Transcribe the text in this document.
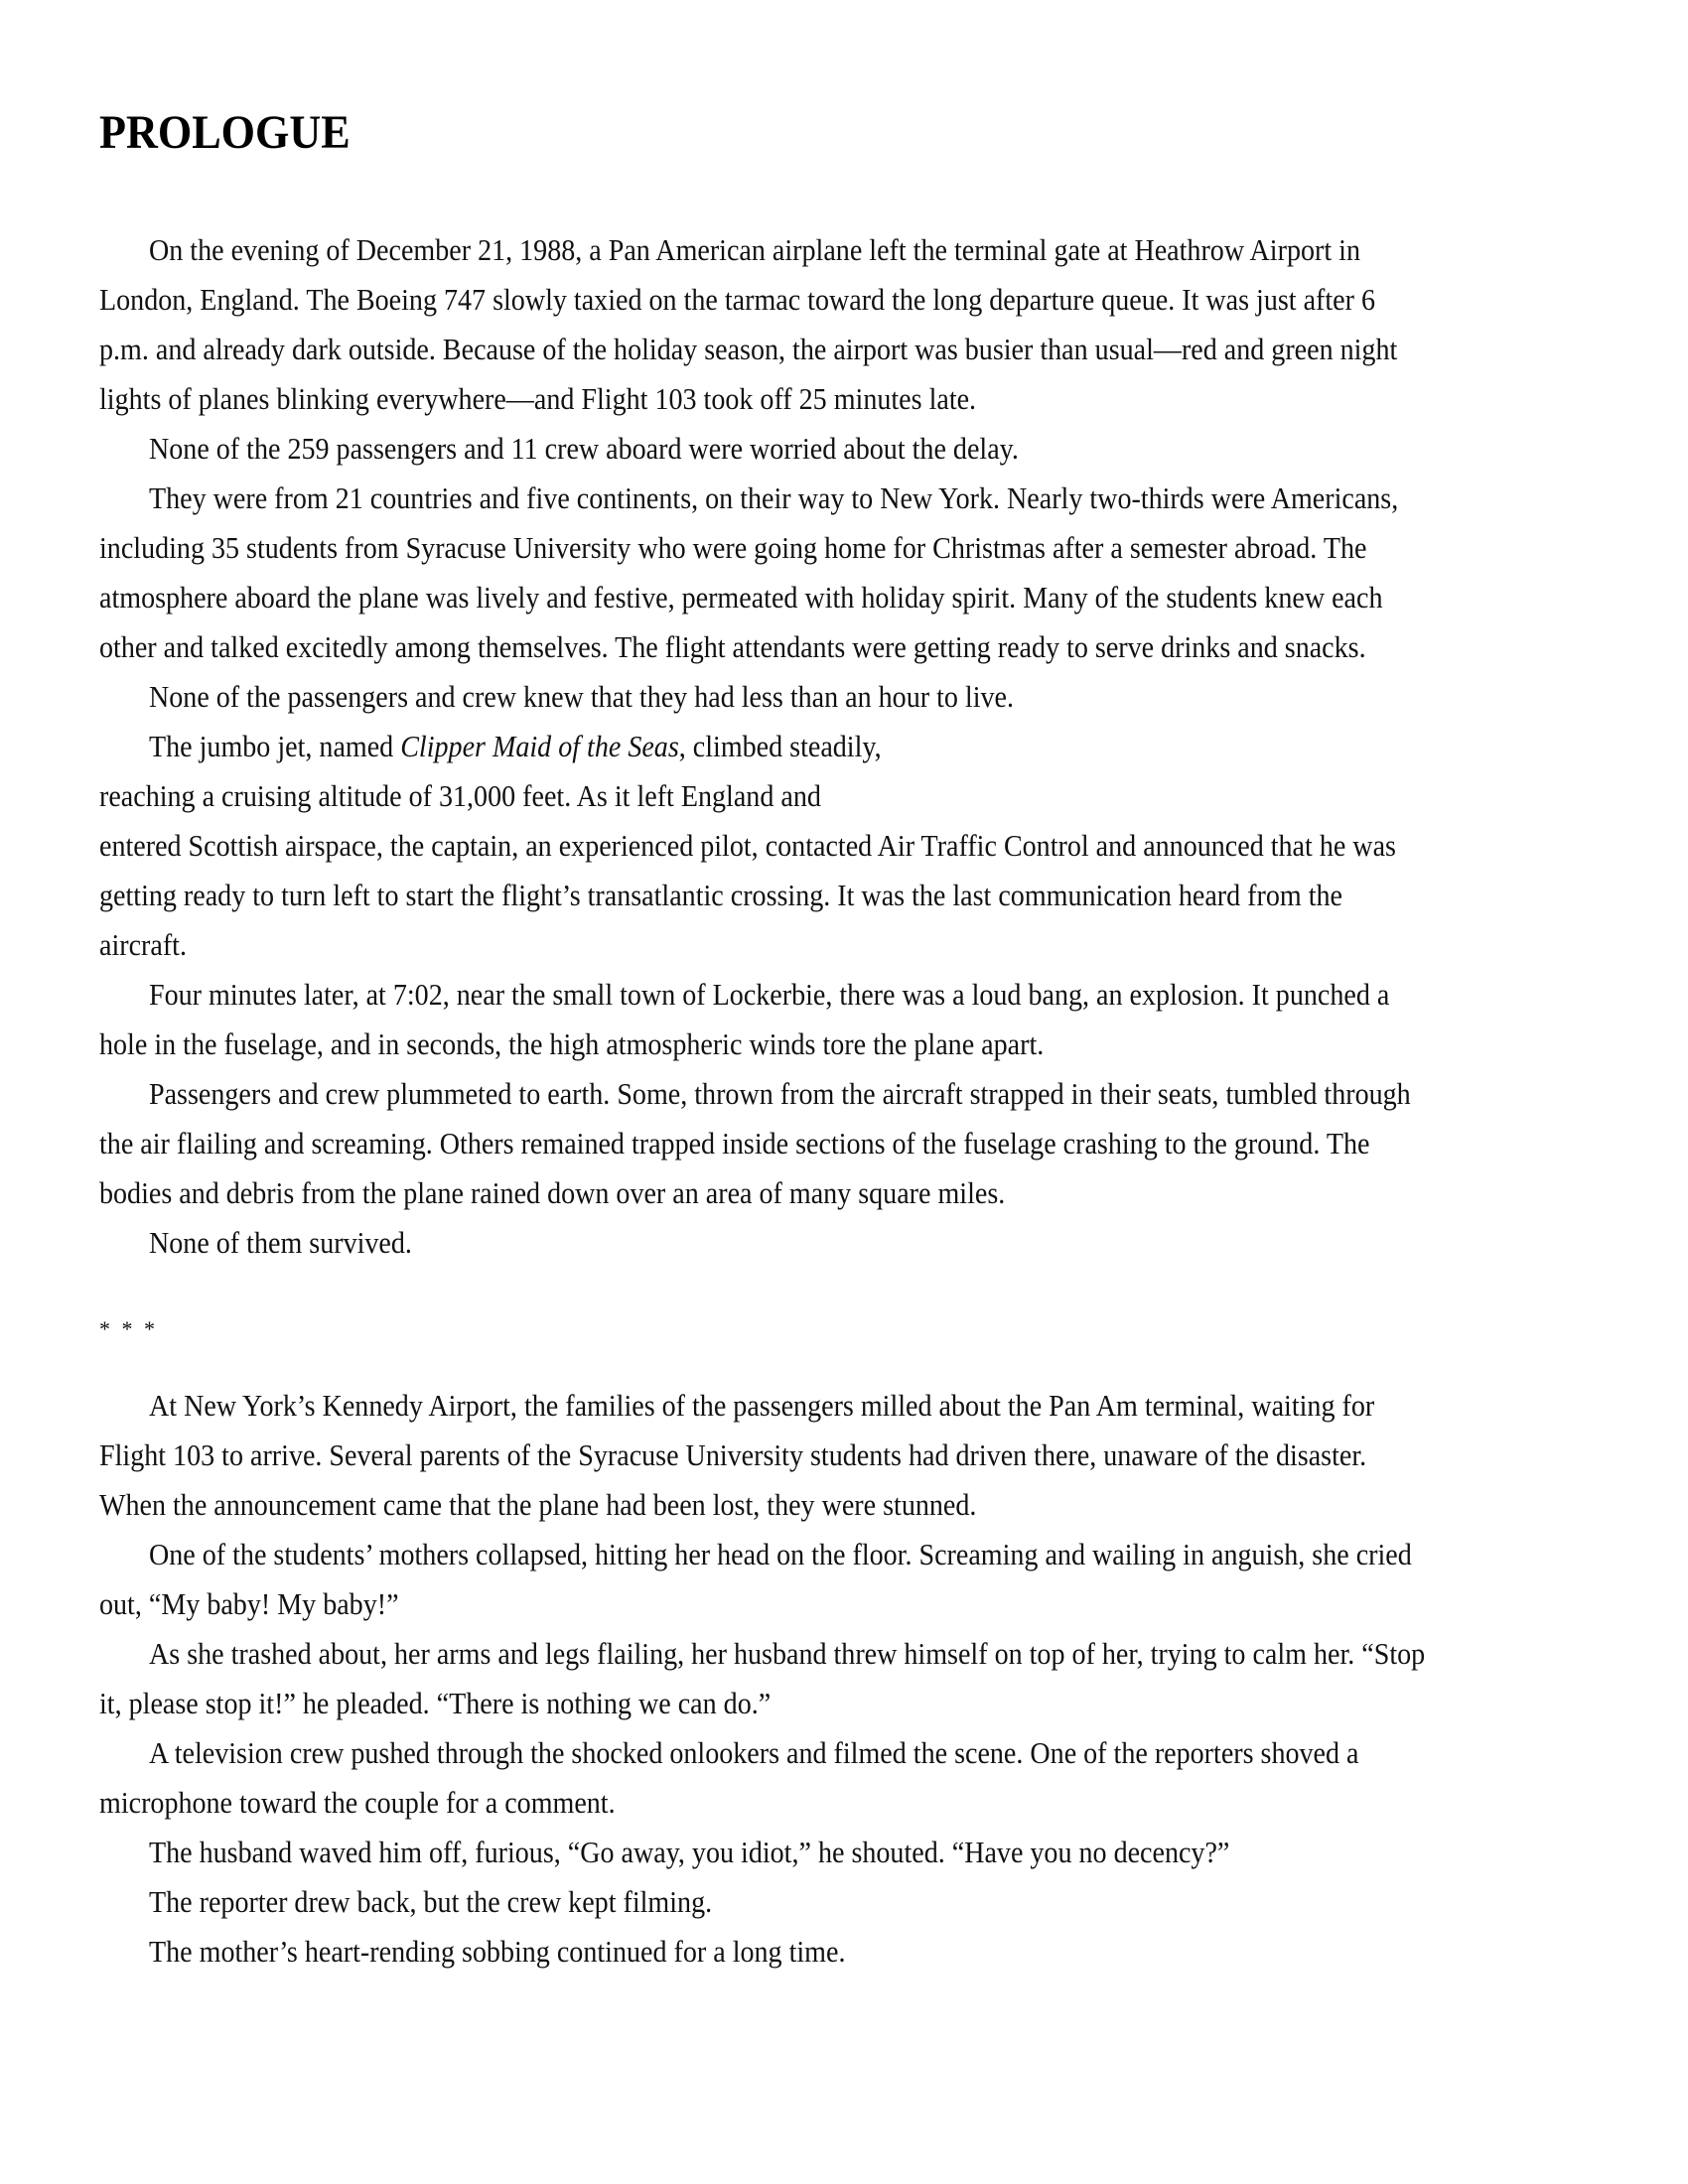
PROLOGUE
On the evening of December 21, 1988, a Pan American airplane left the terminal gate at Heathrow Airport in
London, England. The Boeing 747 slowly taxied on the tarmac toward the long departure queue. It was just after 6
p.m. and already dark outside. Because of the holiday season, the airport was busier than usual—red and green night
lights of planes blinking everywhere—and Flight 103 took off 25 minutes late.
None of the 259 passengers and 11 crew aboard were worried about the delay.
They were from 21 countries and five continents, on their way to New York. Nearly two-thirds were Americans,
including 35 students from Syracuse University who were going home for Christmas after a semester abroad. The
atmosphere aboard the plane was lively and festive, permeated with holiday spirit. Many of the students knew each
other and talked excitedly among themselves. The flight attendants were getting ready to serve drinks and snacks.
None of the passengers and crew knew that they had less than an hour to live.
The jumbo jet, named Clipper Maid of the Seas, climbed steadily,
reaching a cruising altitude of 31,000 feet. As it left England and
entered Scottish airspace, the captain, an experienced pilot, contacted Air Traffic Control and announced that he was
getting ready to turn left to start the flight’s transatlantic crossing. It was the last communication heard from the
aircraft.
Four minutes later, at 7:02, near the small town of Lockerbie, there was a loud bang, an explosion. It punched a
hole in the fuselage, and in seconds, the high atmospheric winds tore the plane apart.
Passengers and crew plummeted to earth. Some, thrown from the aircraft strapped in their seats, tumbled through
the air flailing and screaming. Others remained trapped inside sections of the fuselage crashing to the ground. The
bodies and debris from the plane rained down over an area of many square miles.
None of them survived.
At New York’s Kennedy Airport, the families of the passengers milled about the Pan Am terminal, waiting for
Flight 103 to arrive. Several parents of the Syracuse University students had driven there, unaware of the disaster.
When the announcement came that the plane had been lost, they were stunned.
One of the students’ mothers collapsed, hitting her head on the floor. Screaming and wailing in anguish, she cried
out, “My baby! My baby!”
As she trashed about, her arms and legs flailing, her husband threw himself on top of her, trying to calm her. “Stop
it, please stop it!” he pleaded. “There is nothing we can do.”
A television crew pushed through the shocked onlookers and filmed the scene. One of the reporters shoved a
microphone toward the couple for a comment.
The husband waved him off, furious, “Go away, you idiot,” he shouted. “Have you no decency?”
The reporter drew back, but the crew kept filming.
The mother’s heart-rending sobbing continued for a long time.
* * *
